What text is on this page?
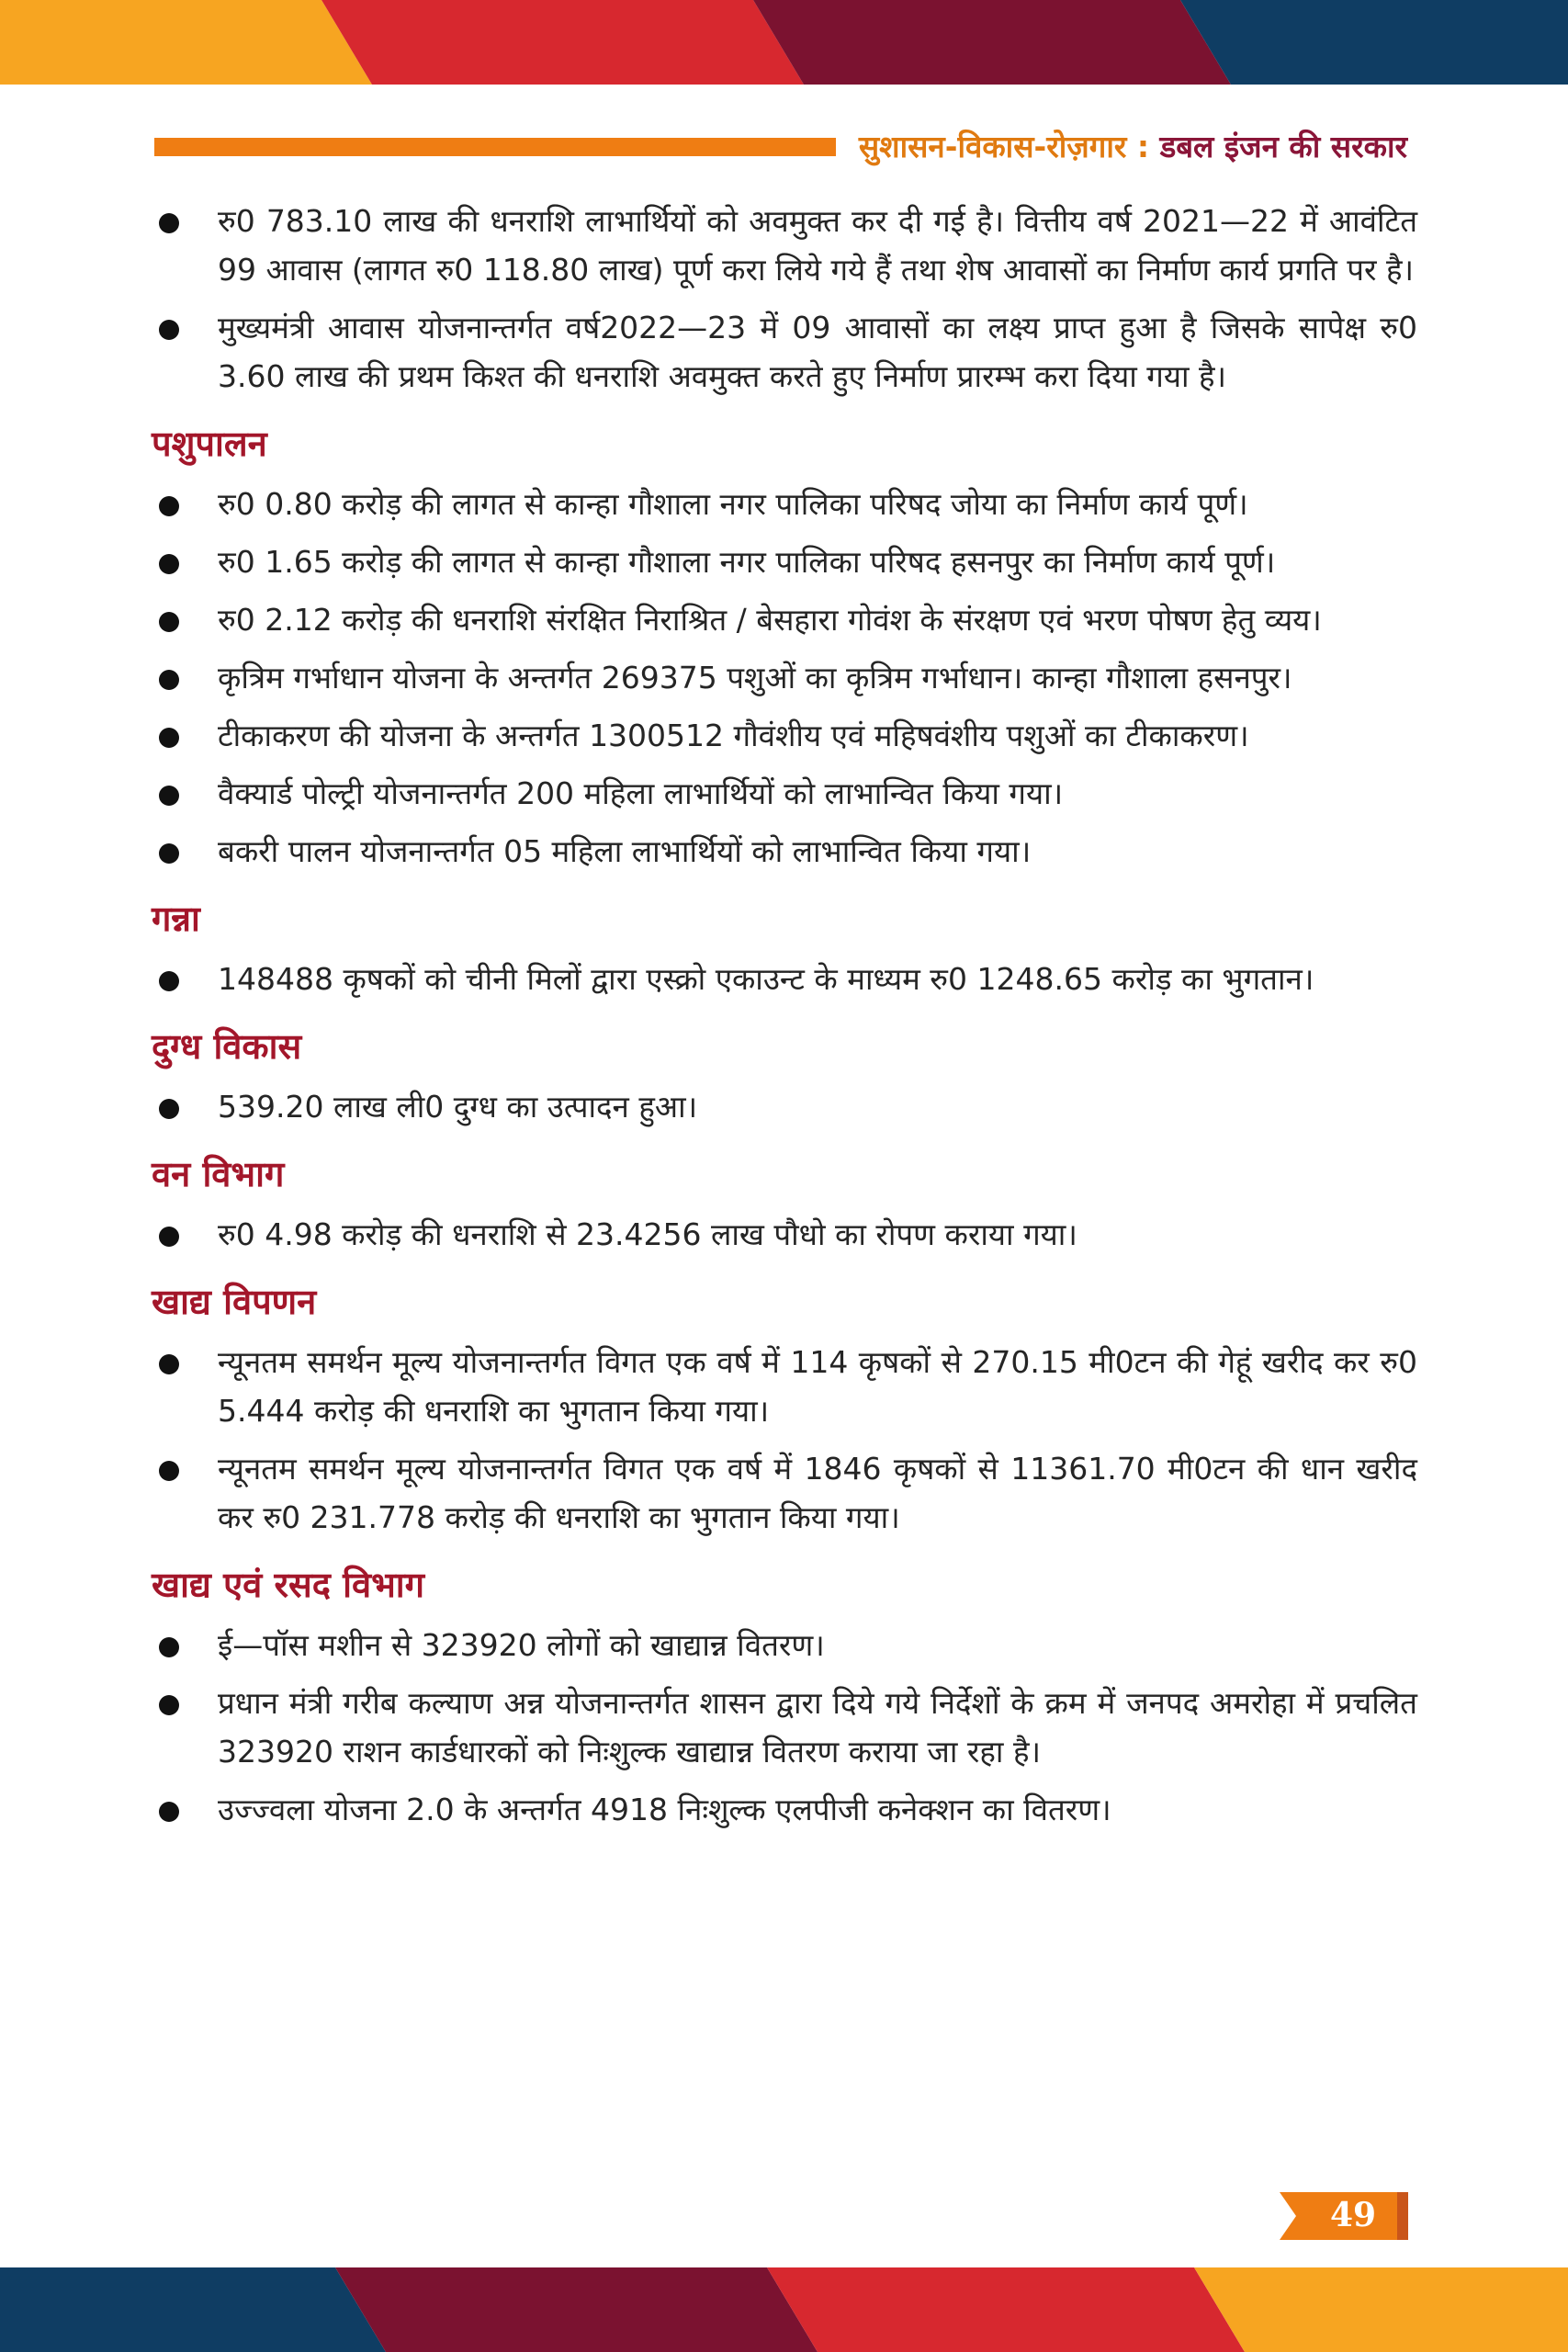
सुशासन-विकास-रोज़गार : डबल इंजन की सरकार
रु0 783.10 लाख की धनराशि लाभार्थियों को अवमुक्त कर दी गई है। वित्तीय वर्ष 2021—22 में आवंटित 99 आवास (लागत रु0 118.80 लाख) पूर्ण करा लिये गये हैं तथा शेष आवासों का निर्माण कार्य प्रगति पर है।
मुख्यमंत्री आवास योजनान्तर्गत वर्ष2022—23 में 09 आवासों का लक्ष्य प्राप्त हुआ है जिसके सापेक्ष रु0 3.60 लाख की प्रथम किश्त की धनराशि अवमुक्त करते हुए निर्माण प्रारम्भ करा दिया गया है।
पशुपालन
रु0 0.80 करोड़ की लागत से कान्हा गौशाला नगर पालिका परिषद जोया का निर्माण कार्य पूर्ण।
रु0 1.65 करोड़ की लागत से कान्हा गौशाला नगर पालिका परिषद हसनपुर का निर्माण कार्य पूर्ण।
रु0 2.12 करोड़ की धनराशि संरक्षित निराश्रित / बेसहारा गोवंश के संरक्षण एवं भरण पोषण हेतु व्यय।
कृत्रिम गर्भाधान योजना के अन्तर्गत 269375 पशुओं का कृत्रिम गर्भाधान। कान्हा गौशाला हसनपुर।
टीकाकरण की योजना के अन्तर्गत 1300512 गौवंशीय एवं महिषवंशीय पशुओं का टीकाकरण।
वैक्यार्ड पोल्ट्री योजनान्तर्गत 200 महिला लाभार्थियों को लाभान्वित किया गया।
बकरी पालन योजनान्तर्गत 05 महिला लाभार्थियों को लाभान्वित किया गया।
गन्ना
148488 कृषकों को चीनी मिलों द्वारा एस्क्रो एकाउन्ट के माध्यम रु0 1248.65 करोड़ का भुगतान।
दुग्ध विकास
539.20 लाख ली0 दुग्ध का उत्पादन हुआ।
वन विभाग
रु0 4.98 करोड़ की धनराशि से 23.4256 लाख पौधो का रोपण कराया गया।
खाद्य विपणन
न्यूनतम समर्थन मूल्य योजनान्तर्गत विगत एक वर्ष में 114 कृषकों से 270.15 मी0टन की गेहूं खरीद कर रु0 5.444 करोड़ की धनराशि का भुगतान किया गया।
न्यूनतम समर्थन मूल्य योजनान्तर्गत विगत एक वर्ष में 1846 कृषकों से 11361.70 मी0टन की धान खरीद कर रु0 231.778 करोड़ की धनराशि का भुगतान किया गया।
खाद्य एवं रसद विभाग
ई—पॉस मशीन से 323920 लोगों को खाद्यान्न वितरण।
प्रधान मंत्री गरीब कल्याण अन्न योजनान्तर्गत शासन द्वारा दिये गये निर्देशों के क्रम में जनपद अमरोहा में प्रचलित 323920 राशन कार्डधारकों को निःशुल्क खाद्यान्न वितरण कराया जा रहा है।
उज्ज्वला योजना 2.0 के अन्तर्गत 4918 निःशुल्क एलपीजी कनेक्शन का वितरण।
49
